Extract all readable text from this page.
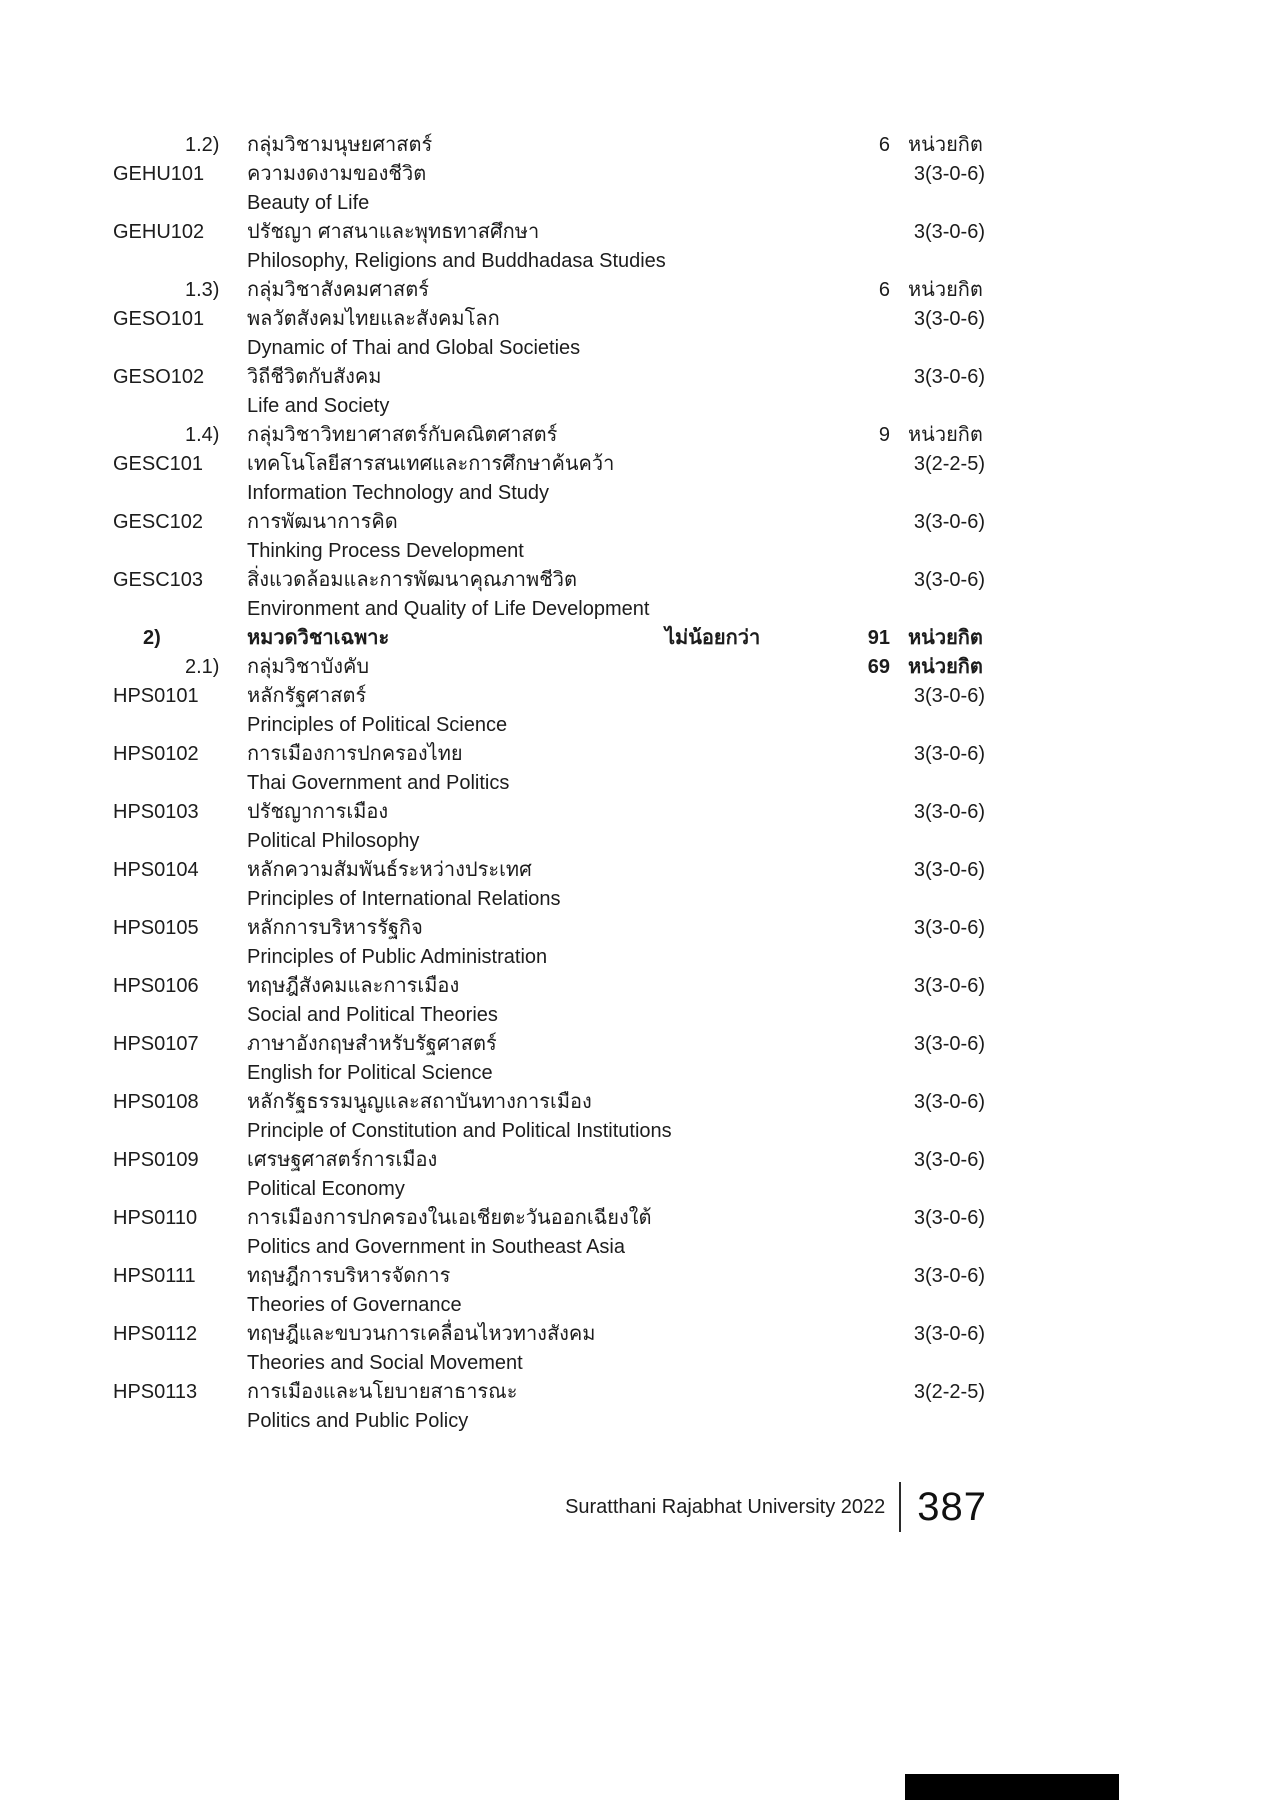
1.2)	กลุ่มวิชามนุษยศาสตร์	6 หน่วยกิต
GEHU101	ความงดงามของชีวิต	3(3-0-6)
Beauty of Life
GEHU102	ปรัชญา ศาสนาและพุทธทาสศึกษา	3(3-0-6)
Philosophy, Religions and Buddhadasa Studies
1.3)	กลุ่มวิชาสังคมศาสตร์	6 หน่วยกิต
GESO101	พลวัตสังคมไทยและสังคมโลก	3(3-0-6)
Dynamic of Thai and Global Societies
GESO102	วิถีชีวิตกับสังคม	3(3-0-6)
Life and Society
1.4)	กลุ่มวิชาวิทยาศาสตร์กับคณิตศาสตร์	9 หน่วยกิต
GESC101	เทคโนโลยีสารสนเทศและการศึกษาค้นคว้า	3(2-2-5)
Information Technology and Study
GESC102	การพัฒนาการคิด	3(3-0-6)
Thinking Process Development
GESC103	สิ่งแวดล้อมและการพัฒนาคุณภาพชีวิต	3(3-0-6)
Environment and Quality of Life Development
2)	หมวดวิชาเฉพาะ	ไม่น้อยกว่า	91 หน่วยกิต
2.1)	กลุ่มวิชาบังคับ	69 หน่วยกิต
HPS0101	หลักรัฐศาสตร์	3(3-0-6)
Principles of Political Science
HPS0102	การเมืองการปกครองไทย	3(3-0-6)
Thai Government and Politics
HPS0103	ปรัชญาการเมือง	3(3-0-6)
Political Philosophy
HPS0104	หลักความสัมพันธ์ระหว่างประเทศ	3(3-0-6)
Principles of International Relations
HPS0105	หลักการบริหารรัฐกิจ	3(3-0-6)
Principles of Public Administration
HPS0106	ทฤษฎีสังคมและการเมือง	3(3-0-6)
Social and Political Theories
HPS0107	ภาษาอังกฤษสำหรับรัฐศาสตร์	3(3-0-6)
English for Political Science
HPS0108	หลักรัฐธรรมนูญและสถาบันทางการเมือง	3(3-0-6)
Principle of Constitution and Political Institutions
HPS0109	เศรษฐศาสตร์การเมือง	3(3-0-6)
Political Economy
HPS0110	การเมืองการปกครองในเอเชียตะวันออกเฉียงใต้	3(3-0-6)
Politics and Government in Southeast Asia
HPS0111	ทฤษฎีการบริหารจัดการ	3(3-0-6)
Theories of Governance
HPS0112	ทฤษฎีและขบวนการเคลื่อนไหวทางสังคม	3(3-0-6)
Theories and Social Movement
HPS0113	การเมืองและนโยบายสาธารณะ	3(2-2-5)
Politics and Public Policy
Suratthani Rajabhat University 2022 387
